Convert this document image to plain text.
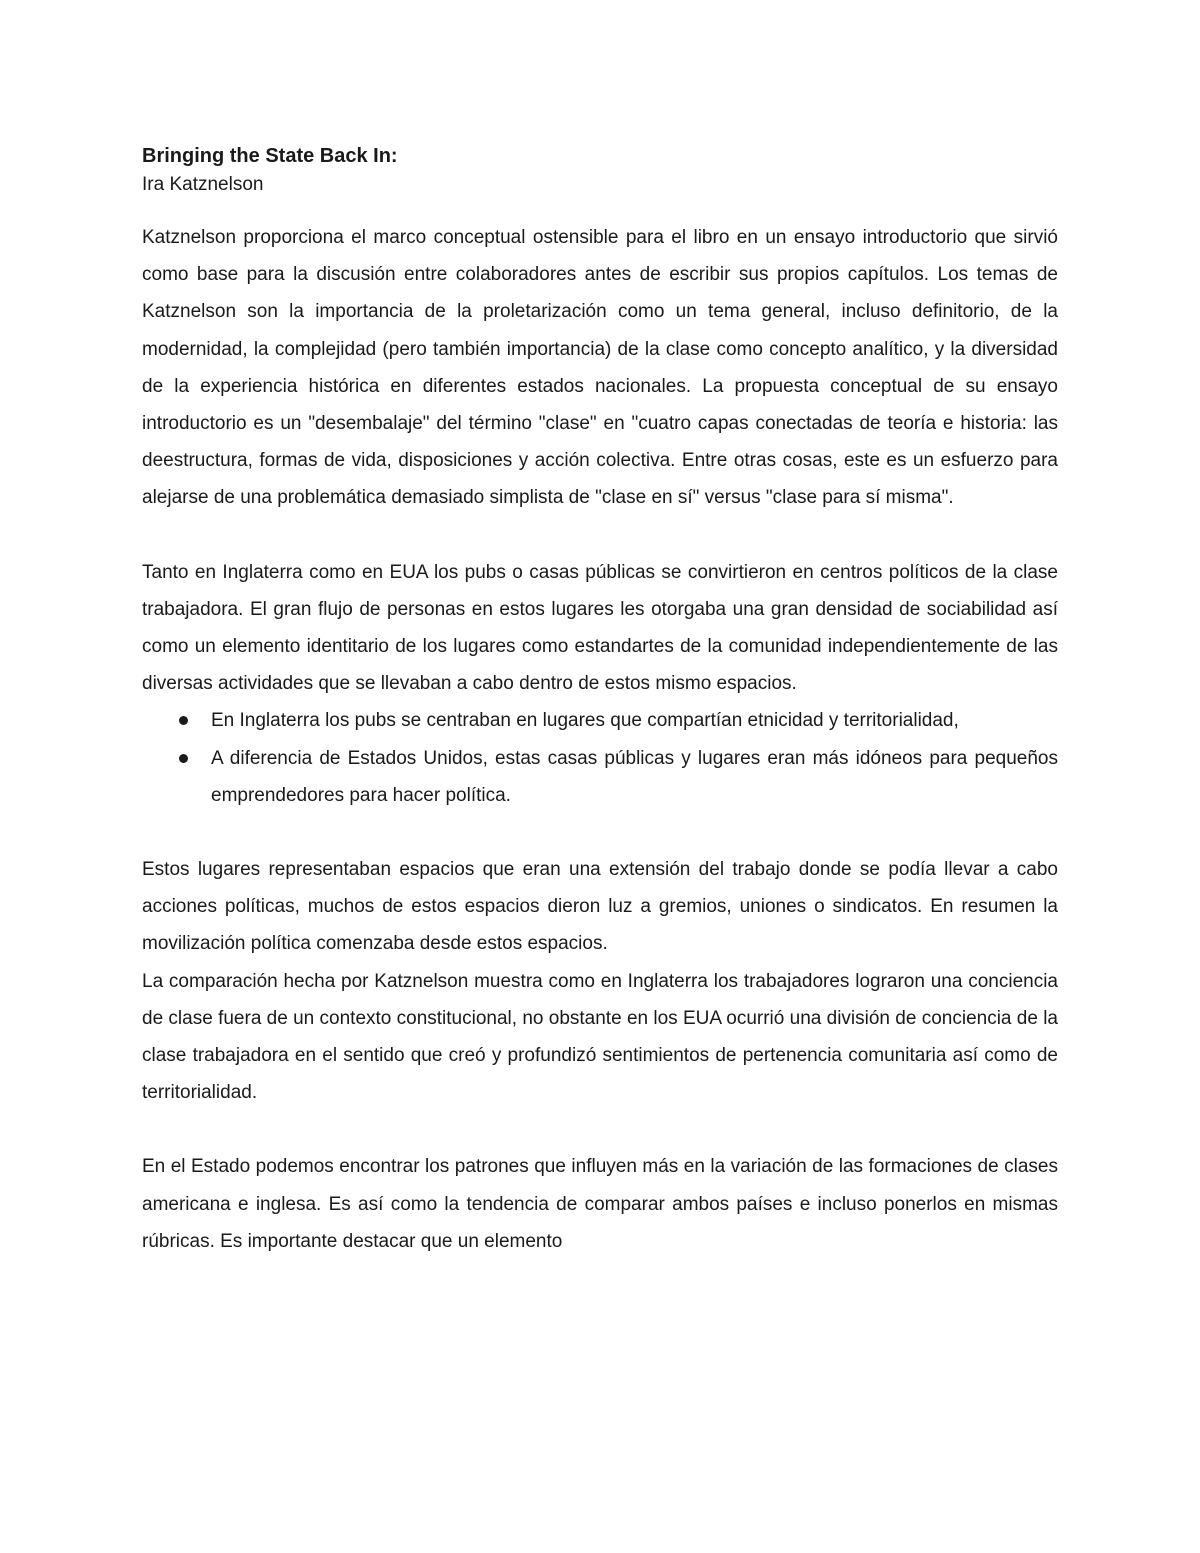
Bringing the State Back In:

Ira Katznelson

Katznelson proporciona el marco conceptual ostensible para el libro en un ensayo introductorio que sirvió como base para la discusión entre colaboradores antes de escribir sus propios capítulos. Los temas de Katznelson son la importancia de la proletarización como un tema general, incluso definitorio, de la modernidad, la complejidad (pero también importancia) de la clase como concepto analítico, y la diversidad de la experiencia histórica en diferentes estados nacionales. La propuesta conceptual de su ensayo introductorio es un "desembalaje" del término "clase" en "cuatro capas conectadas de teoría e historia: las deestructura, formas de vida, disposiciones y acción colectiva. Entre otras cosas, este es un esfuerzo para alejarse de una problemática demasiado simplista de "clase en sí" versus "clase para sí misma".

Tanto en Inglaterra como en EUA los pubs o casas públicas se convirtieron en centros políticos de la clase trabajadora. El gran flujo de personas en estos lugares les otorgaba una gran densidad de sociabilidad así como un elemento identitario de los lugares como estandartes de la comunidad independientemente de las diversas actividades que se llevaban a cabo dentro de estos mismo espacios.

En Inglaterra los pubs se centraban en lugares que compartían etnicidad y territorialidad,
A diferencia de Estados Unidos, estas casas públicas y lugares eran más idóneos para pequeños emprendedores para hacer política.

Estos lugares representaban espacios que eran una extensión del trabajo donde se podía llevar a cabo acciones políticas, muchos de estos espacios dieron luz a gremios, uniones o sindicatos. En resumen la movilización política comenzaba desde estos espacios.

La comparación hecha por Katznelson muestra como en Inglaterra los trabajadores lograron una conciencia de clase fuera de un contexto constitucional, no obstante en los EUA ocurrió una división de conciencia de la clase trabajadora en el sentido que creó y profundizó sentimientos de pertenencia comunitaria así como de territorialidad.

En el Estado podemos encontrar los patrones que influyen más en la variación de las formaciones de clases americana e inglesa. Es así como la tendencia de comparar ambos países e incluso ponerlos en mismas rúbricas. Es importante destacar que un elemento
